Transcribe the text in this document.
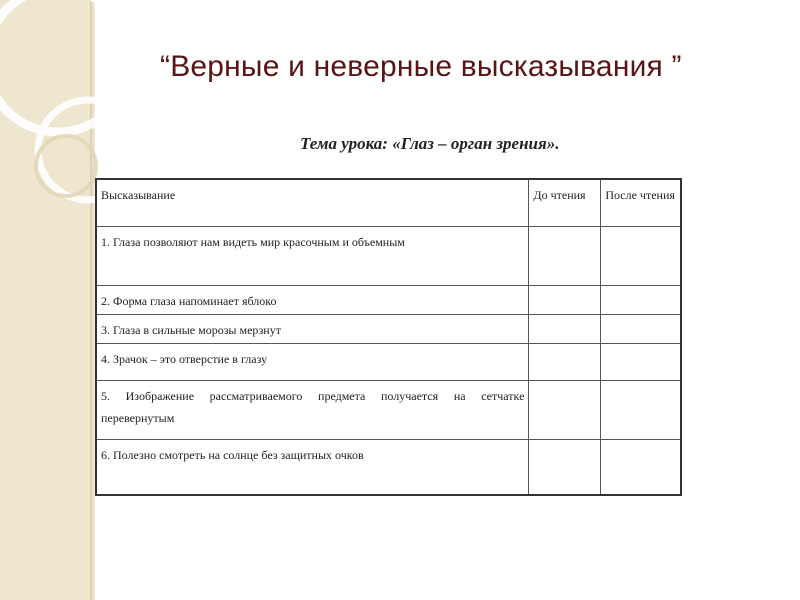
“Верные и неверные высказывания ”
Тема урока: «Глаз – орган зрения».
Высказывание	До чтения	После чтения
1. Глаза позволяют нам видеть мир красочным и объемным		
2. Форма глаза напоминает яблоко		
3. Глаза в сильные морозы мерзнут		
4. Зрачок – это отверстие в глазу		
5. Изображение рассматриваемого предмета получается на сетчатке перевернутым		
6. Полезно смотреть на солнце без защитных очков		
